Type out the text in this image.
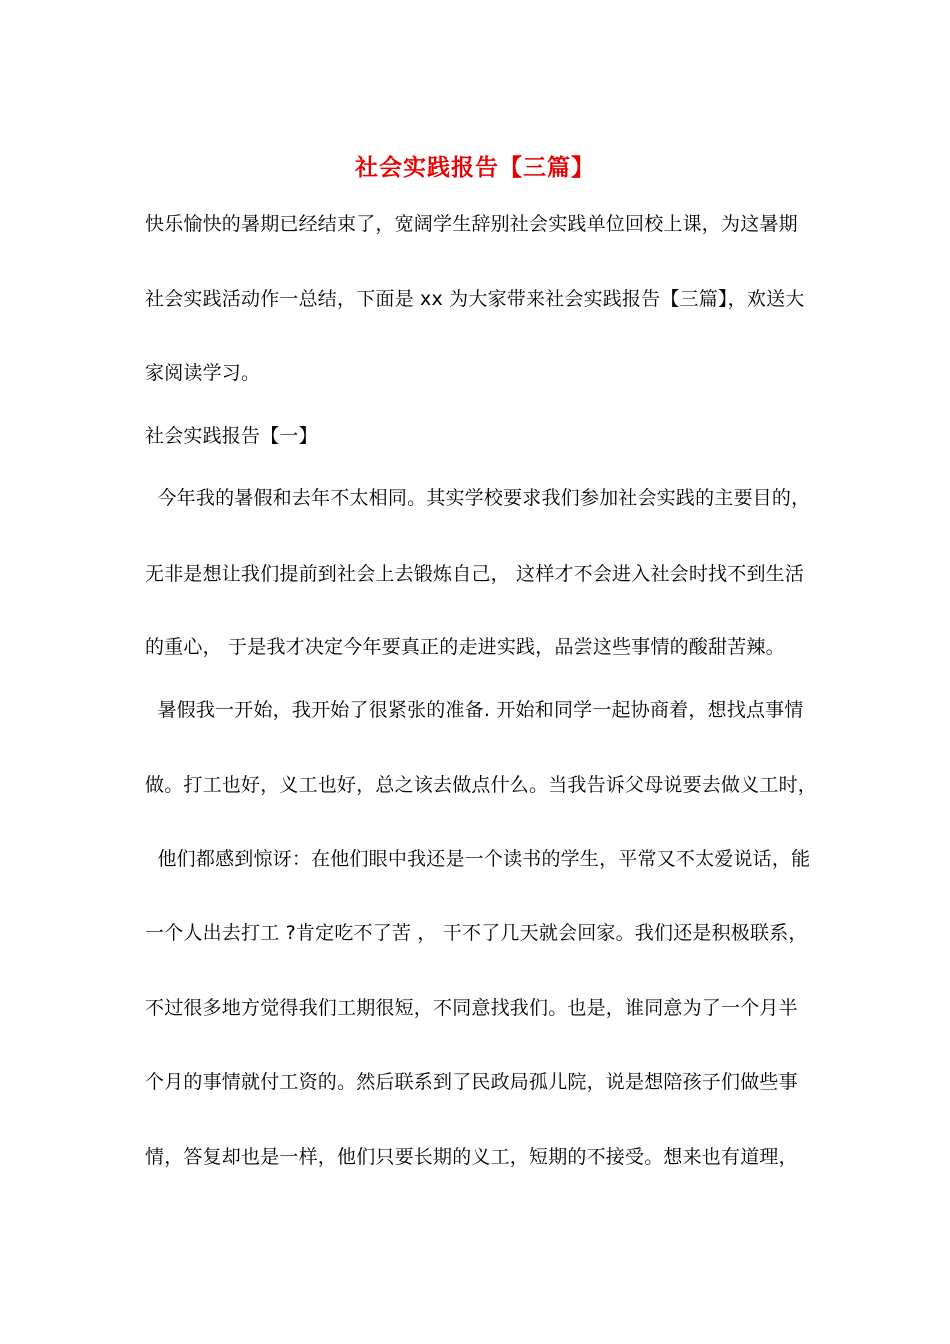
社会实践报告【三篇】
快乐愉快的暑期已经结束了，宽阔学生辞别社会实践单位回校上课，为这暑期
社会实践活动作一总结，下面是 xx 为大家带来社会实践报告【三篇】，欢送大
家阅读学习。
社会实践报告【一】
今年我的暑假和去年不太相同。其实学校要求我们参加社会实践的主要目的，
无非是想让我们提前到社会上去锻炼自己， 这样才不会进入社会时找不到生活
的重心， 于是我才决定今年要真正的走进实践，品尝这些事情的酸甜苦辣。
暑假我一开始，我开始了很紧张的准备. 开始和同学一起协商着，想找点事情
做。打工也好，义工也好，总之该去做点什么。当我告诉父母说要去做义工时，
他们都感到惊讶：在他们眼中我还是一个读书的学生，平常又不太爱说话，能
一个人出去打工 ?肯定吃不了苦 ， 干不了几天就会回家。我们还是积极联系，
不过很多地方觉得我们工期很短，不同意找我们。也是，谁同意为了一个月半
个月的事情就付工资的。然后联系到了民政局孤儿院，说是想陪孩子们做些事
情，答复却也是一样，他们只要长期的义工，短期的不接受。想来也有道理，
